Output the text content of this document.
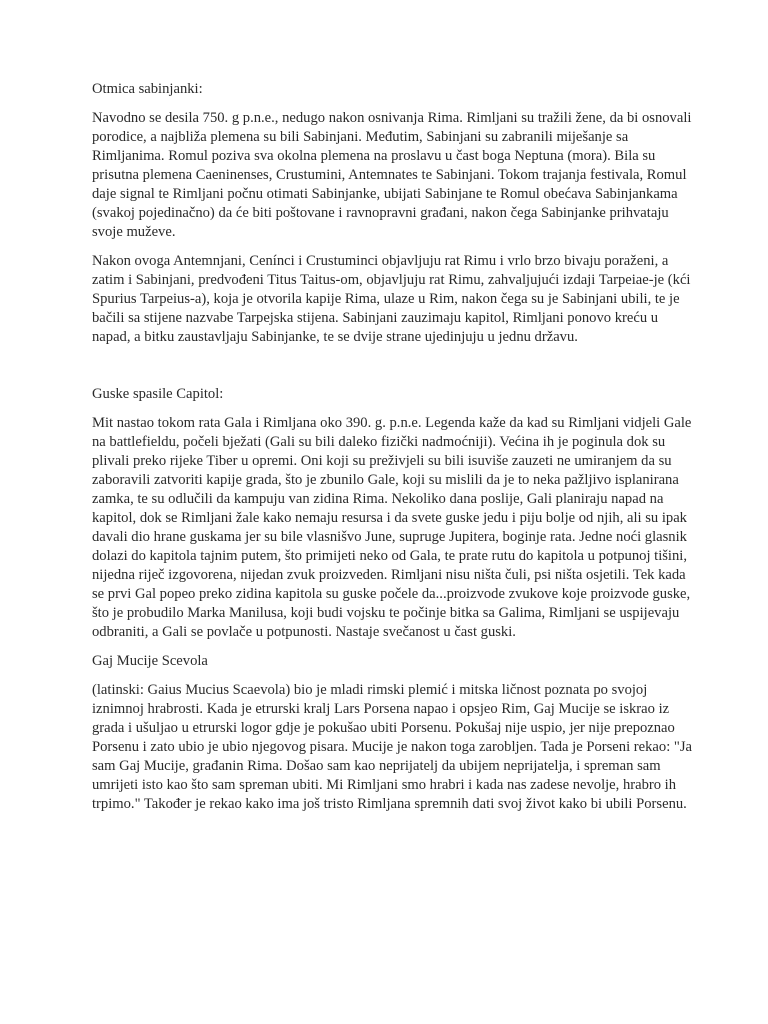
Otmica sabinjanki:

Navodno se desila 750. g p.n.e., nedugo nakon osnivanja Rima. Rimljani su tražili žene, da bi osnovali porodice, a najbliža plemena su bili Sabinjani. Međutim, Sabinjani su zabranili miješanje sa Rimljanima. Romul poziva sva okolna plemena na proslavu u čast boga Neptuna (mora). Bila su prisutna plemena Caeninenses, Crustumini, Antemnates te Sabinjani. Tokom trajanja festivala, Romul daje signal te Rimljani počnu otimati Sabinjanke, ubijati Sabinjane te Romul obećava Sabinjankama (svakoj pojedinačno) da će biti poštovane i ravnopravni građani, nakon čega Sabinjanke prihvataju svoje muževe.

Nakon ovoga Antemnjani, Cenínci i Crustuminci objavljuju rat Rimu i vrlo brzo bivaju poraženi, a zatim i Sabinjani, predvođeni Titus Taitus-om, objavljuju rat Rimu, zahvaljujući izdaji Tarpeiae-je (kći Spurius Tarpeius-a), koja je otvorila kapije Rima, ulaze u Rim, nakon čega su je Sabinjani ubili, te je bačili sa stijene nazvabe Tarpejska stijena. Sabinjani zauzimaju kapitol, Rimljani ponovo kreću u napad, a bitku zaustavljaju Sabinjanke, te se dvije strane ujedinjuju u jednu državu.

Guske spasile Capitol:

Mit nastao tokom rata Gala i Rimljana oko 390. g. p.n.e. Legenda kaže da kad su Rimljani vidjeli Gale na battlefieldu, počeli bježati (Gali su bili daleko fizički nadmoćniji). Većina ih je poginula dok su plivali preko rijeke Tiber u opremi. Oni koji su preživjeli su bili isuviše zauzeti ne umiranjem da su zaboravili zatvoriti kapije grada, što je zbunilo Gale, koji su mislili da je to neka pažljivo isplanirana zamka, te su odlučili da kampuju van zidina Rima. Nekoliko dana poslije, Gali planiraju napad na kapitol, dok se Rimljani žale kako nemaju resursa i da svete guske jedu i piju bolje od njih, ali su ipak davali dio hrane guskama jer su bile vlasnišvo June, supruge Jupitera, boginje rata. Jedne noći glasnik dolazi do kapitola tajnim putem, što primijeti neko od Gala, te prate rutu do kapitola u potpunoj tišini, nijedna riječ izgovorena, nijedan zvuk proizveden. Rimljani nisu ništa čuli, psi ništa osjetili. Tek kada se prvi Gal popeo preko zidina kapitola su guske počele da...proizvode zvukove koje proizvode guske, što je probudilo Marka Manilusa, koji budi vojsku te počinje bitka sa Galima, Rimljani se uspijevaju odbraniti, a Gali se povlače u potpunosti. Nastaje svečanost u čast guski.

Gaj Mucije Scevola

(latinski: Gaius Mucius Scaevola) bio je mladi rimski plemić i mitska ličnost poznata po svojoj iznimnoj hrabrosti. Kada je etrurski kralj Lars Porsena napao i opsjeo Rim, Gaj Mucije se iskrao iz grada i ušuljao u etrurski logor gdje je pokušao ubiti Porsenu. Pokušaj nije uspio, jer nije prepoznao Porsenu i zato ubio je ubio njegovog pisara. Mucije je nakon toga zarobljen. Tada je Porseni rekao: "Ja sam Gaj Mucije, građanin Rima. Došao sam kao neprijatelj da ubijem neprijatelja, i spreman sam umrijeti isto kao što sam spreman ubiti. Mi Rimljani smo hrabri i kada nas zadese nevolje, hrabro ih trpimo." Također je rekao kako ima još tristo Rimljana spremnih dati svoj život kako bi ubili Porsenu.
